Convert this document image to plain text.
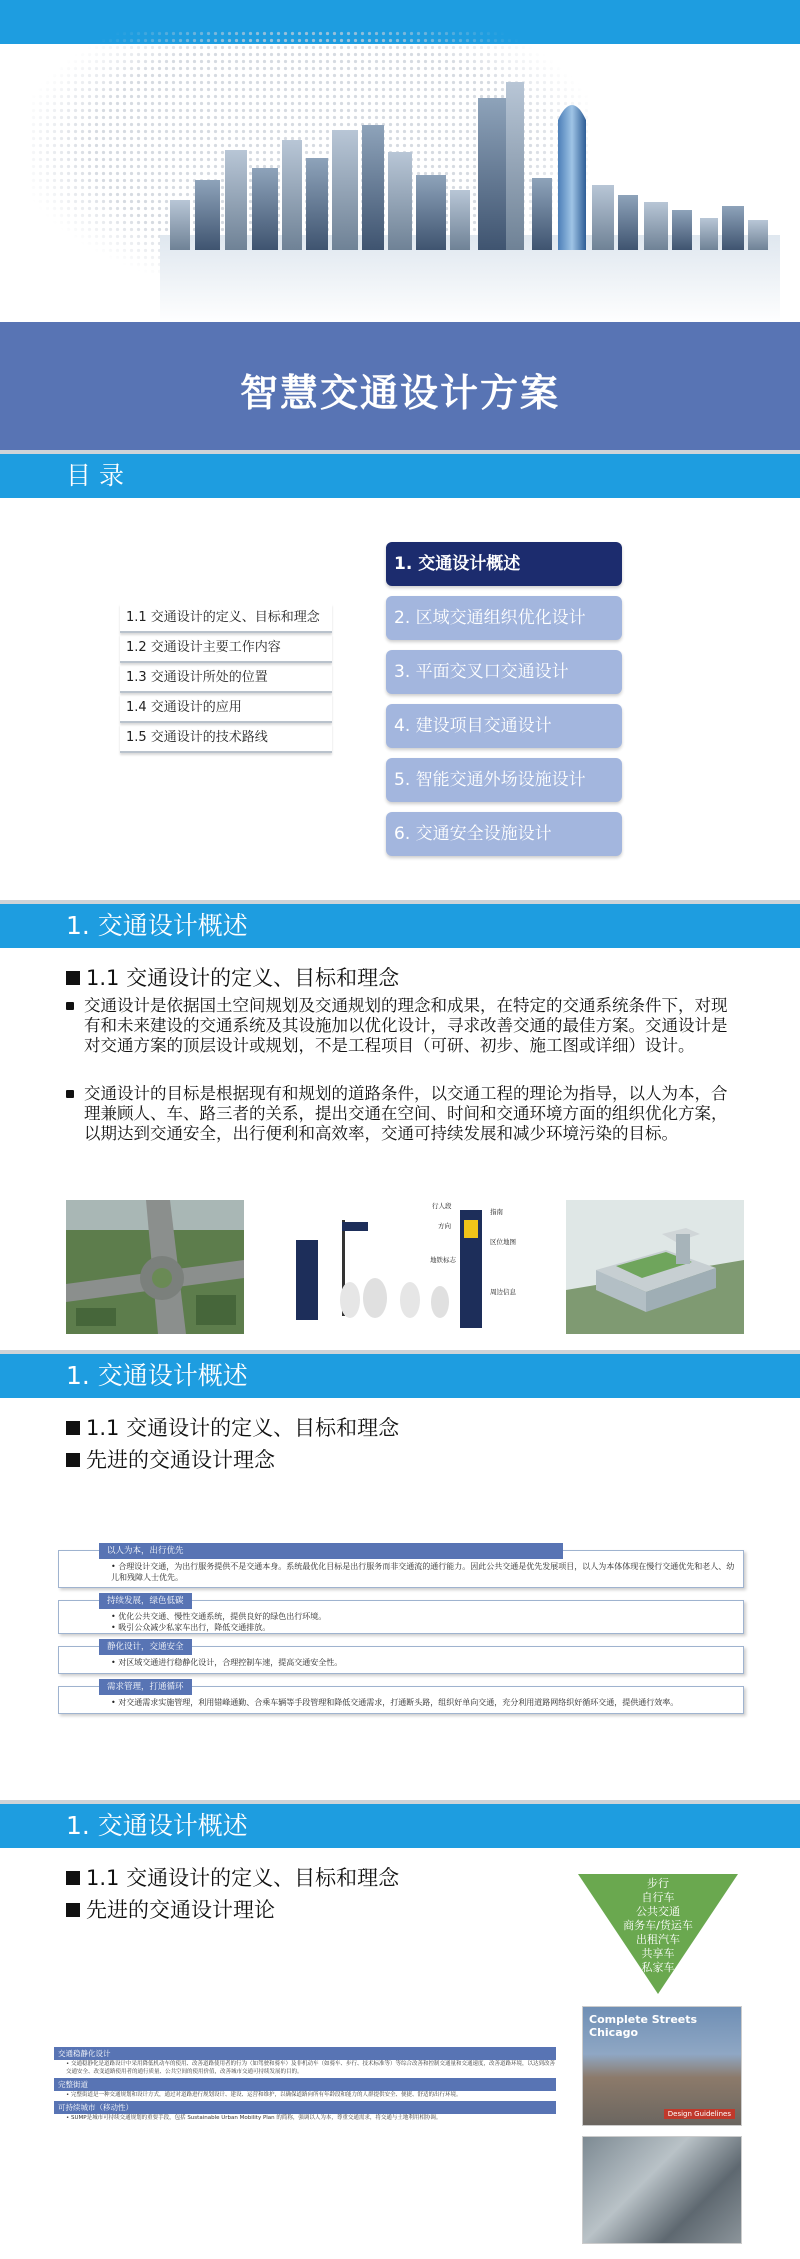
智慧交通设计方案
目 录
1.1 交通设计的定义、目标和理念
1.2 交通设计主要工作内容
1.3 交通设计所处的位置
1.4 交通设计的应用
1.5 交通设计的技术路线
1. 交通设计概述
2. 区域交通组织优化设计
3. 平面交叉口交通设计
4. 建设项目交通设计
5. 智能交通外场设施设计
6. 交通安全设施设计
1. 交通设计概述
1.1 交通设计的定义、目标和理念
交通设计是依据国土空间规划及交通规划的理念和成果，在特定的交通系统条件下，对现有和未来建设的交通系统及其设施加以优化设计，寻求改善交通的最佳方案。交通设计是对交通方案的顶层设计或规划，不是工程项目（可研、初步、施工图或详细）设计。
交通设计的目标是根据现有和规划的道路条件，以交通工程的理论为指导，以人为本，合理兼顾人、车、路三者的关系，提出交通在空间、时间和交通环境方面的组织优化方案，以期达到交通安全，出行便利和高效率，交通可持续发展和减少环境污染的目标。
行人段
指南
方向
区位地图
地铁标志
周边信息
1. 交通设计概述
1.1 交通设计的定义、目标和理念
先进的交通设计理念
以人为本，出行优先
• 合理设计交通，为出行服务提供不是交通本身。系统最优化目标是出行服务而非交通流的通行能力。因此公共交通是优先发展项目，以人为本体体现在慢行交通优先和老人、幼儿和残障人士优先。
持续发展，绿色低碳
• 优化公共交通、慢性交通系统，提供良好的绿色出行环境。
• 吸引公众减少私家车出行，降低交通排放。
静化设计，交通安全
• 对区域交通进行稳静化设计，合理控制车速，提高交通安全性。
需求管理，打通循环
• 对交通需求实施管理，利用错峰通勤、合乘车辆等手段管理和降低交通需求，打通断头路，组织好单向交通，充分利用道路网络织好循环交通，提供通行效率。
1. 交通设计概述
1.1 交通设计的定义、目标和理念
先进的交通设计理论
交通稳静化设计
• 交通稳静化是道路设计中采用降低机动车的使用、改善道路使用者的行为（如驾驶和骑车）及非机动车（如骑车、步行、技术标准等）等综合改善和控制交通量和交通速度，改善道路环境，以达到改善交通安全、改变道路使用者的通行质量、公共空间的使用价值，改善城市交通可持续发展的目的。
完整街道
• 完整街道是一种交通规划和设计方式，通过对道路进行规划设计、建设、运营和维护，以确保道路向所有年龄段和能力的人群提供安全、便捷、舒适的出行环境。
可持续城市（移动性）
• SUMP是城市可持续交通规划的重要手段，包括 Sustainable Urban Mobility Plan 的简称，强调以人为本，尊重交通需求，将交通与土地利用相协调。
步行
自行车
公共交通
商务车/货运车
出租汽车
共享车
私家车
Complete Streets Chicago
Design Guidelines
